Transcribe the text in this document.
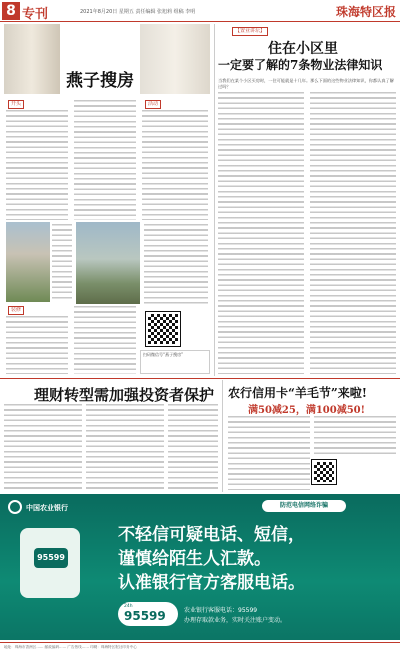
8 专刊	2021年8月20日 星期五 责任编辑 张旭莉 组稿 李明	珠海特区报
燕子搜房
开头	活动
装修
扫码微信号“燕子搜房”
【置业讲坛】
住在小区里
一定要了解的7条物业法律知识
当我们在某个小区买房时，一住可能就是十几年。那么下面的这些物业法律知识，你都认真了解过吗？
理财转型需加强投资者保护 农行信用卡“羊毛节”来啦!
满50减25，满100减50!
中国农业银行	防范电信网络诈骗
95599
不轻信可疑电话、短信，
谨慎给陌生人汇款。
认准银行官方客服电话。
24h
95599	农业银行客服电话：95599
办理存取款业务，实时关注账户变动。
地址：珠海市香洲区…… 邮政编码…… 广告热线…… 印刷：珠海特区报社印务中心
